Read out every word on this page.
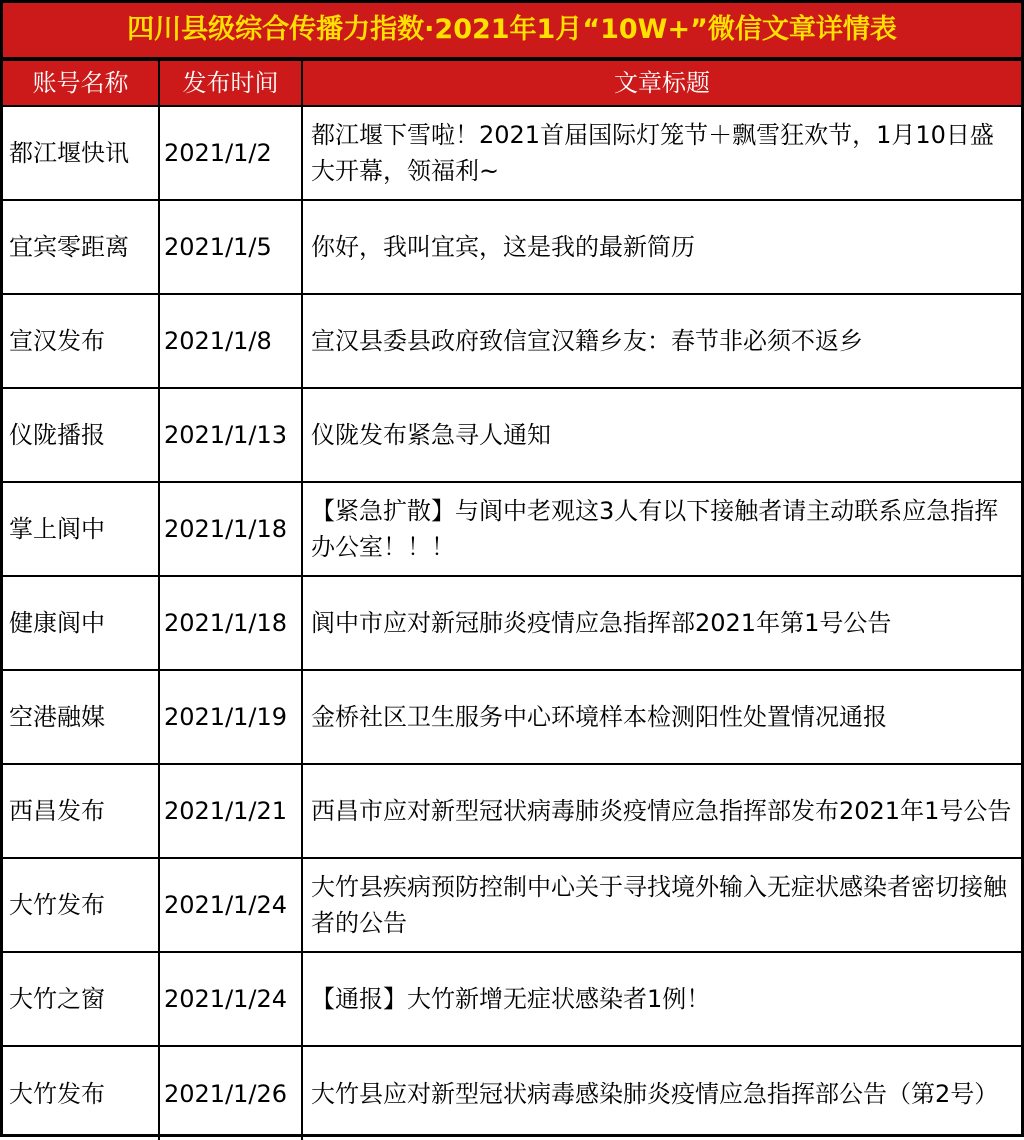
四川县级综合传播力指数·2021年1月“10W+”微信文章详情表
账号名称	发布时间	文章标题
都江堰快讯	2021/1/2	都江堰下雪啦！2021首届国际灯笼节＋飘雪狂欢节，1月10日盛大开幕，领福利~
宜宾零距离	2021/1/5	你好，我叫宜宾，这是我的最新简历
宣汉发布	2021/1/8	宣汉县委县政府致信宣汉籍乡友：春节非必须不返乡
仪陇播报	2021/1/13	仪陇发布紧急寻人通知
掌上阆中	2021/1/18	【紧急扩散】与阆中老观这3人有以下接触者请主动联系应急指挥办公室！！！
健康阆中	2021/1/18	阆中市应对新冠肺炎疫情应急指挥部2021年第1号公告
空港融媒	2021/1/19	金桥社区卫生服务中心环境样本检测阳性处置情况通报
西昌发布	2021/1/21	西昌市应对新型冠状病毒肺炎疫情应急指挥部发布2021年1号公告
大竹发布	2021/1/24	大竹县疾病预防控制中心关于寻找境外输入无症状感染者密切接触者的公告
大竹之窗	2021/1/24	【通报】大竹新增无症状感染者1例！
大竹发布	2021/1/26	大竹县应对新型冠状病毒感染肺炎疫情应急指挥部公告（第2号）
